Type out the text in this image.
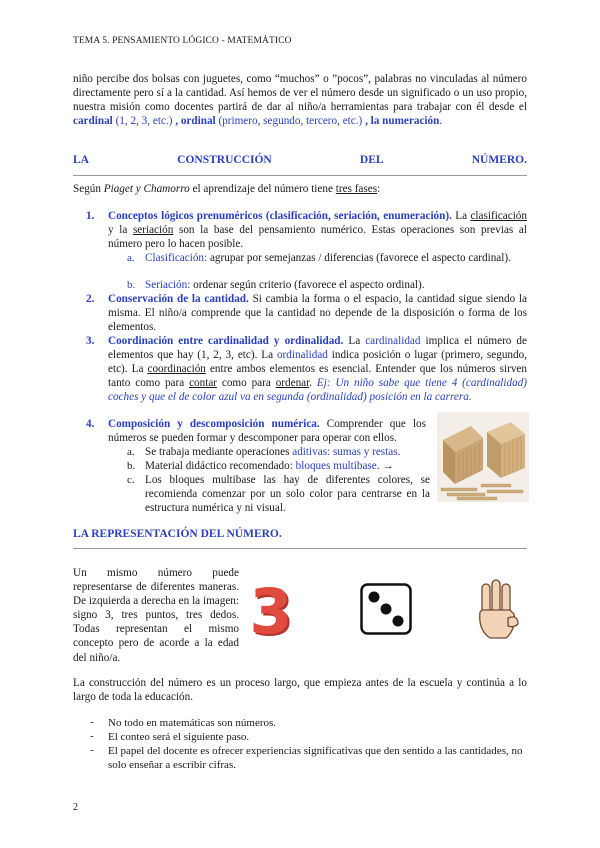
TEMA 5. PENSAMIENTO LÓGICO - MATEMÁTICO
niño percibe dos bolsas con juguetes, como “muchos” o ”pocos”, palabras no vinculadas al número directamente pero sí a la cantidad. Así hemos de ver el número desde un significado o un uso propio, nuestra misión como docentes partirá de dar al niño/a herramientas para trabajar con él desde el cardinal (1, 2, 3, etc.) , ordinal (primero, segundo, tercero, etc.) , la numeración.
LA	CONSTRUCCIÓN	DEL	NÚMERO.
Según Piaget y Chamorro el aprendizaje del número tiene tres fases:
1. Conceptos lógicos prenuméricos (clasificación, seriación, enumeración). La clasificación y la seriación son la base del pensamiento numérico. Estas operaciones son previas al número pero lo hacen posible.
a. Clasificación: agrupar por semejanzas / diferencias (favorece el aspecto cardinal).
b. Seriación: ordenar según criterio (favorece el aspecto ordinal).
2. Conservación de la cantidad. Si cambia la forma o el espacio, la cantidad sigue siendo la misma. El niño/a comprende que la cantidad no depende de la disposición o forma de los elementos.
3. Coordinación entre cardinalidad y ordinalidad. La cardinalidad implica el número de elementos que hay (1, 2, 3, etc). La ordinalidad indica posición o lugar (primero, segundo, etc). La coordinación entre ambos elementos es esencial. Entender que los números sirven tanto como para contar como para ordenar. Ej: Un niño sabe que tiene 4 (cardinalidad) coches y que el de color azul va en segunda (ordinalidad) posición en la carrera.
4. Composición y descomposición numérica. Comprender que los números se pueden formar y descomponer para operar con ellos.
a. Se trabaja mediante operaciones aditivas: sumas y restas.
b. Material didáctico recomendado: bloques multibase. →
c. Los bloques multibase las hay de diferentes colores, se recomienda comenzar por un solo color para centrarse en la estructura numérica y ni visual.
LA REPRESENTACIÓN DEL NÚMERO.
Un mismo número puede representarse de diferentes maneras. De izquierda a derecha en la imagen: signo 3, tres puntos, tres dedos. Todas representan el mismo concepto pero de acorde a la edad del niño/a.
3
La construcción del número es un proceso largo, que empieza antes de la escuela y continúa a lo largo de toda la educación.
- No todo en matemáticas son números.
- El conteo será el siguiente paso.
- El papel del docente es ofrecer experiencias significativas que den sentido a las cantidades, no solo enseñar a escribir cifras.
2
